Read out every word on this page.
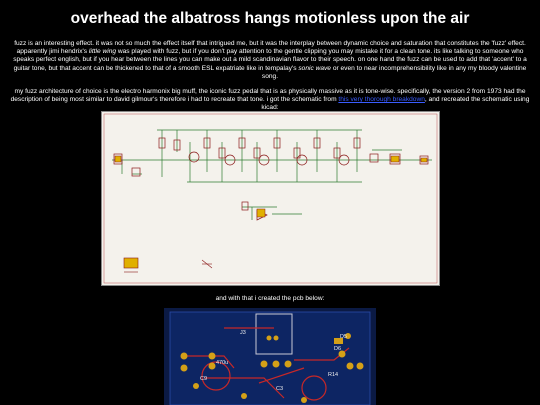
overhead the albatross hangs motionless upon the air

fuzz is an interesting effect. it was not so much the effect itself that intrigued me, but it was the interplay between dynamic choice and saturation that constitutes the 'fuzz' effect. apparently jimi hendrix's little wing was played with fuzz, but if you don't pay attention to the gentle clipping you may mistake it for a clean tone. its like talking to someone who speaks perfect english, but if you hear between the lines you can make out a mild scandinavian flavor to their speech. on one hand the fuzz can be used to add that 'accent' to a guitar tone, but that accent can be thickened to that of a smooth ESL expatriate like in tempalay's sonic wave or even to near incomprehensibility like in any my bloody valentine song.

my fuzz architecture of choice is the electro harmonix big muff, the iconic fuzz pedal that is as physically massive as it is tone-wise. specifically, the version 2 from 1973 had the description of being most similar to david gilmour's therefore i had to recreate that tone. i got the schematic from this very thorough breakdown, and recreated the schematic using kicad:

and with that i created the pcb below:
J3
D5
D6
470u
C9
R14
C3
